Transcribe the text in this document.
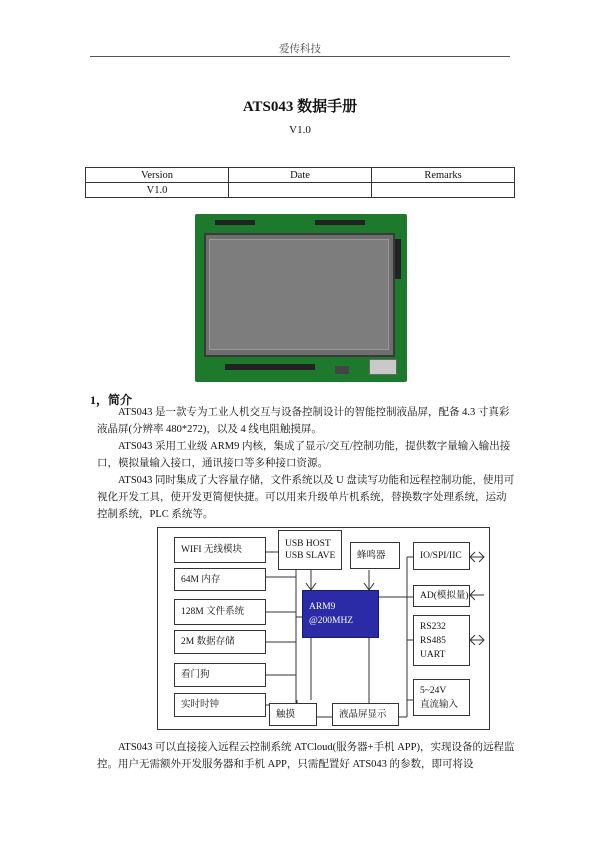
爱传科技
ATS043 数据手册
V1.0
Version	Date	Remarks
V1.0		
1，简介

ATS043 是一款专为工业人机交互与设备控制设计的智能控制液晶屏，配备 4.3 寸真彩液晶屏(分辨率 480*272)，以及 4 线电阻触摸屏。

ATS043 采用工业级 ARM9 内核，集成了显示/交互/控制功能，提供数字量输入输出接口，模拟量输入接口，通讯接口等多种接口资源。

ATS043 同时集成了大容量存储，文件系统以及 U 盘读写功能和远程控制功能，使用可视化开发工具，使开发更简便快捷。可以用来升级单片机系统，替换数字处理系统，运动控制系统，PLC 系统等。

WIFI 无线模块
64M 内存
128M 文件系统
2M 数据存储
看门狗
实时时钟
USB HOST
USB SLAVE	蜂鸣器
ARM9
@200MHZ
IO/SPI/IIC
AD(模拟量)
RS232
RS485
UART
5~24V
直流输入
触摸	液晶屏显示

ATS043 可以直接接入远程云控制系统 ATCloud(服务器+手机 APP)，实现设备的远程监控。用户无需额外开发服务器和手机 APP，只需配置好 ATS043 的参数，即可将设
